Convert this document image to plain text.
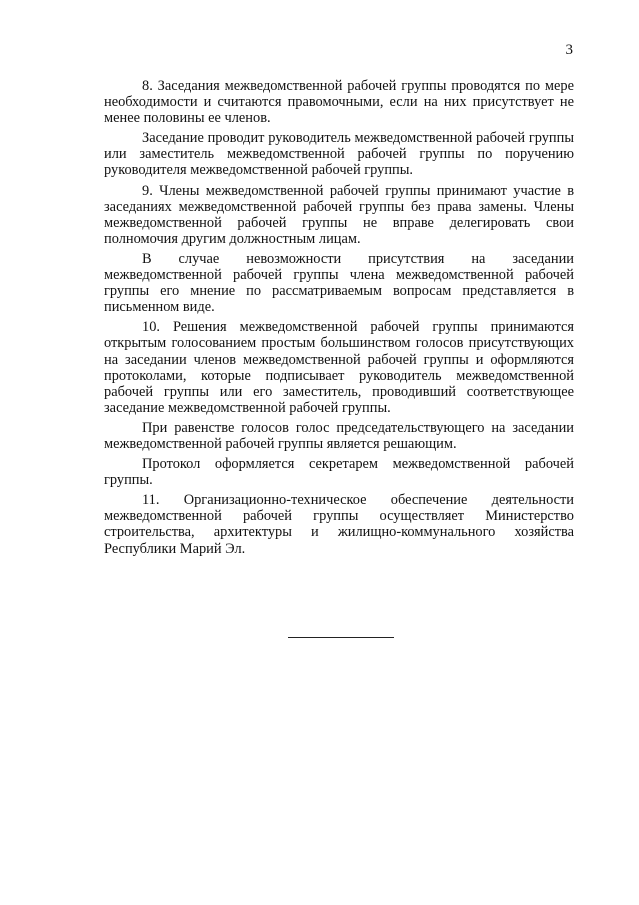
3

8. Заседания межведомственной рабочей группы проводятся по мере необходимости и считаются правомочными, если на них присутствует не менее половины ее членов.

Заседание проводит руководитель межведомственной рабочей группы или заместитель межведомственной рабочей группы по поручению руководителя межведомственной рабочей группы.

9. Члены межведомственной рабочей группы принимают участие в заседаниях межведомственной рабочей группы без права замены. Члены межведомственной рабочей группы не вправе делегировать свои полномочия другим должностным лицам.

В случае невозможности присутствия на заседании межведомственной рабочей группы члена межведомственной рабочей группы его мнение по рассматриваемым вопросам представляется в письменном виде.

10. Решения межведомственной рабочей группы принимаются открытым голосованием простым большинством голосов присутствующих на заседании членов межведомственной рабочей группы и оформляются протоколами, которые подписывает руководитель межведомственной рабочей группы или его заместитель, проводивший соответствующее заседание межведомственной рабочей группы.

При равенстве голосов голос председательствующего на заседании межведомственной рабочей группы является решающим.

Протокол оформляется секретарем межведомственной рабочей группы.

11. Организационно-техническое обеспечение деятельности межведомственной рабочей группы осуществляет Министерство строительства, архитектуры и жилищно-коммунального хозяйства Республики Марий Эл.
